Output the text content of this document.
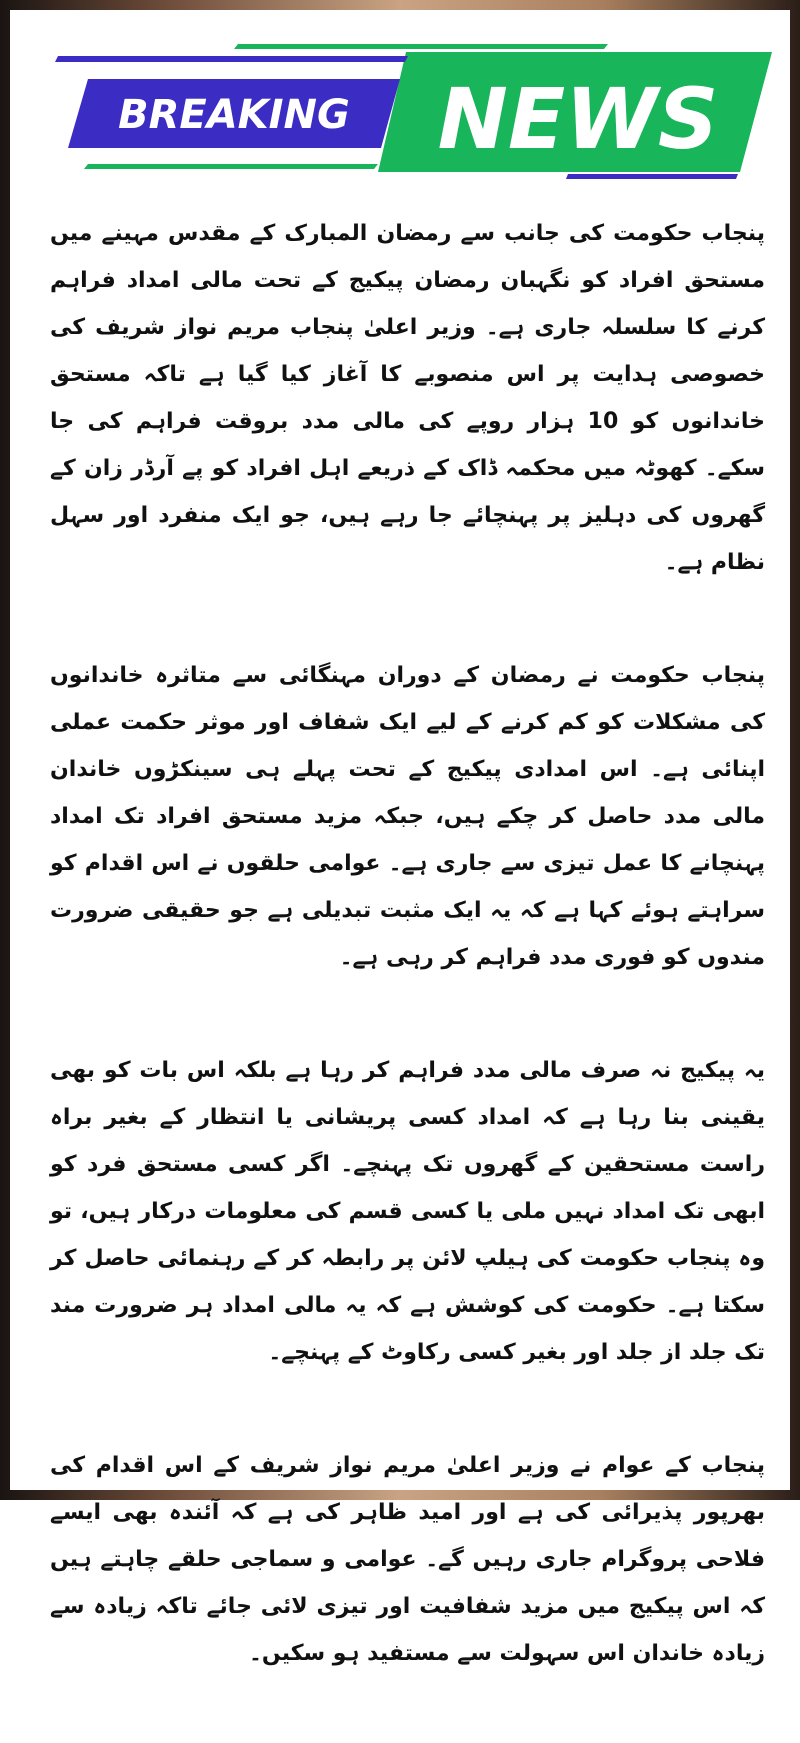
BREAKING NEWS

پنجاب حکومت کی جانب سے رمضان المبارک کے مقدس مہینے میں مستحق افراد کو نگہبان رمضان پیکیج کے تحت مالی امداد فراہم کرنے کا سلسلہ جاری ہے۔ وزیر اعلیٰ پنجاب مریم نواز شریف کی خصوصی ہدایت پر اس منصوبے کا آغاز کیا گیا ہے تاکہ مستحق خاندانوں کو 10 ہزار روپے کی مالی مدد بروقت فراہم کی جا سکے۔ کھوٹہ میں محکمہ ڈاک کے ذریعے اہل افراد کو پے آرڈر زان کے گھروں کی دہلیز پر پہنچائے جا رہے ہیں، جو ایک منفرد اور سہل نظام ہے۔

پنجاب حکومت نے رمضان کے دوران مہنگائی سے متاثرہ خاندانوں کی مشکلات کو کم کرنے کے لیے ایک شفاف اور موثر حکمت عملی اپنائی ہے۔ اس امدادی پیکیج کے تحت پہلے ہی سینکڑوں خاندان مالی مدد حاصل کر چکے ہیں، جبکہ مزید مستحق افراد تک امداد پہنچانے کا عمل تیزی سے جاری ہے۔ عوامی حلقوں نے اس اقدام کو سراہتے ہوئے کہا ہے کہ یہ ایک مثبت تبدیلی ہے جو حقیقی ضرورت مندوں کو فوری مدد فراہم کر رہی ہے۔

یہ پیکیج نہ صرف مالی مدد فراہم کر رہا ہے بلکہ اس بات کو بھی یقینی بنا رہا ہے کہ امداد کسی پریشانی یا انتظار کے بغیر براہ راست مستحقین کے گھروں تک پہنچے۔ اگر کسی مستحق فرد کو ابھی تک امداد نہیں ملی یا کسی قسم کی معلومات درکار ہیں، تو وہ پنجاب حکومت کی ہیلپ لائن پر رابطہ کر کے رہنمائی حاصل کر سکتا ہے۔ حکومت کی کوشش ہے کہ یہ مالی امداد ہر ضرورت مند تک جلد از جلد اور بغیر کسی رکاوٹ کے پہنچے۔

پنجاب کے عوام نے وزیر اعلیٰ مریم نواز شریف کے اس اقدام کی بھرپور پذیرائی کی ہے اور امید ظاہر کی ہے کہ آئندہ بھی ایسے فلاحی پروگرام جاری رہیں گے۔ عوامی و سماجی حلقے چاہتے ہیں کہ اس پیکیج میں مزید شفافیت اور تیزی لائی جائے تاکہ زیادہ سے زیادہ خاندان اس سہولت سے مستفید ہو سکیں۔
